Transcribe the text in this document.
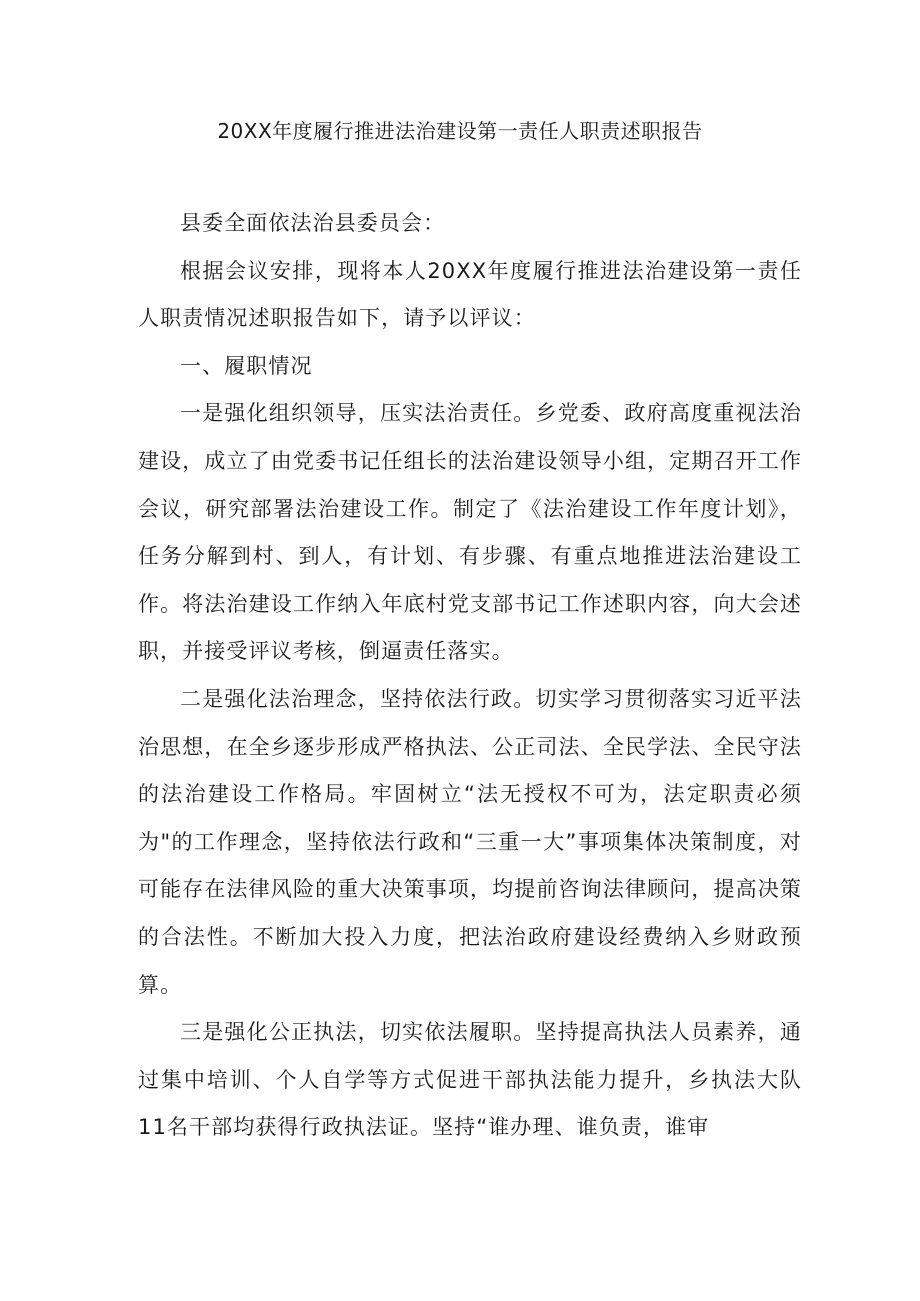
20XX年度履行推进法治建设第一责任人职责述职报告

县委全面依法治县委员会：

根据会议安排，现将本人20XX年度履行推进法治建设第一责任人职责情况述职报告如下，请予以评议：

一、履职情况

一是强化组织领导，压实法治责任。乡党委、政府高度重视法治建设，成立了由党委书记任组长的法治建设领导小组，定期召开工作会议，研究部署法治建设工作。制定了《法治建设工作年度计划》，任务分解到村、到人，有计划、有步骤、有重点地推进法治建设工作。将法治建设工作纳入年底村党支部书记工作述职内容，向大会述职，并接受评议考核，倒逼责任落实。

二是强化法治理念，坚持依法行政。切实学习贯彻落实习近平法治思想，在全乡逐步形成严格执法、公正司法、全民学法、全民守法的法治建设工作格局。牢固树立“法无授权不可为，法定职责必须为"的工作理念，坚持依法行政和“三重一大”事项集体决策制度，对可能存在法律风险的重大决策事项，均提前咨询法律顾问，提高决策的合法性。不断加大投入力度，把法治政府建设经费纳入乡财政预算。

三是强化公正执法，切实依法履职。坚持提高执法人员素养，通过集中培训、个人自学等方式促进干部执法能力提升，乡执法大队11名干部均获得行政执法证。坚持“谁办理、谁负责，谁审
